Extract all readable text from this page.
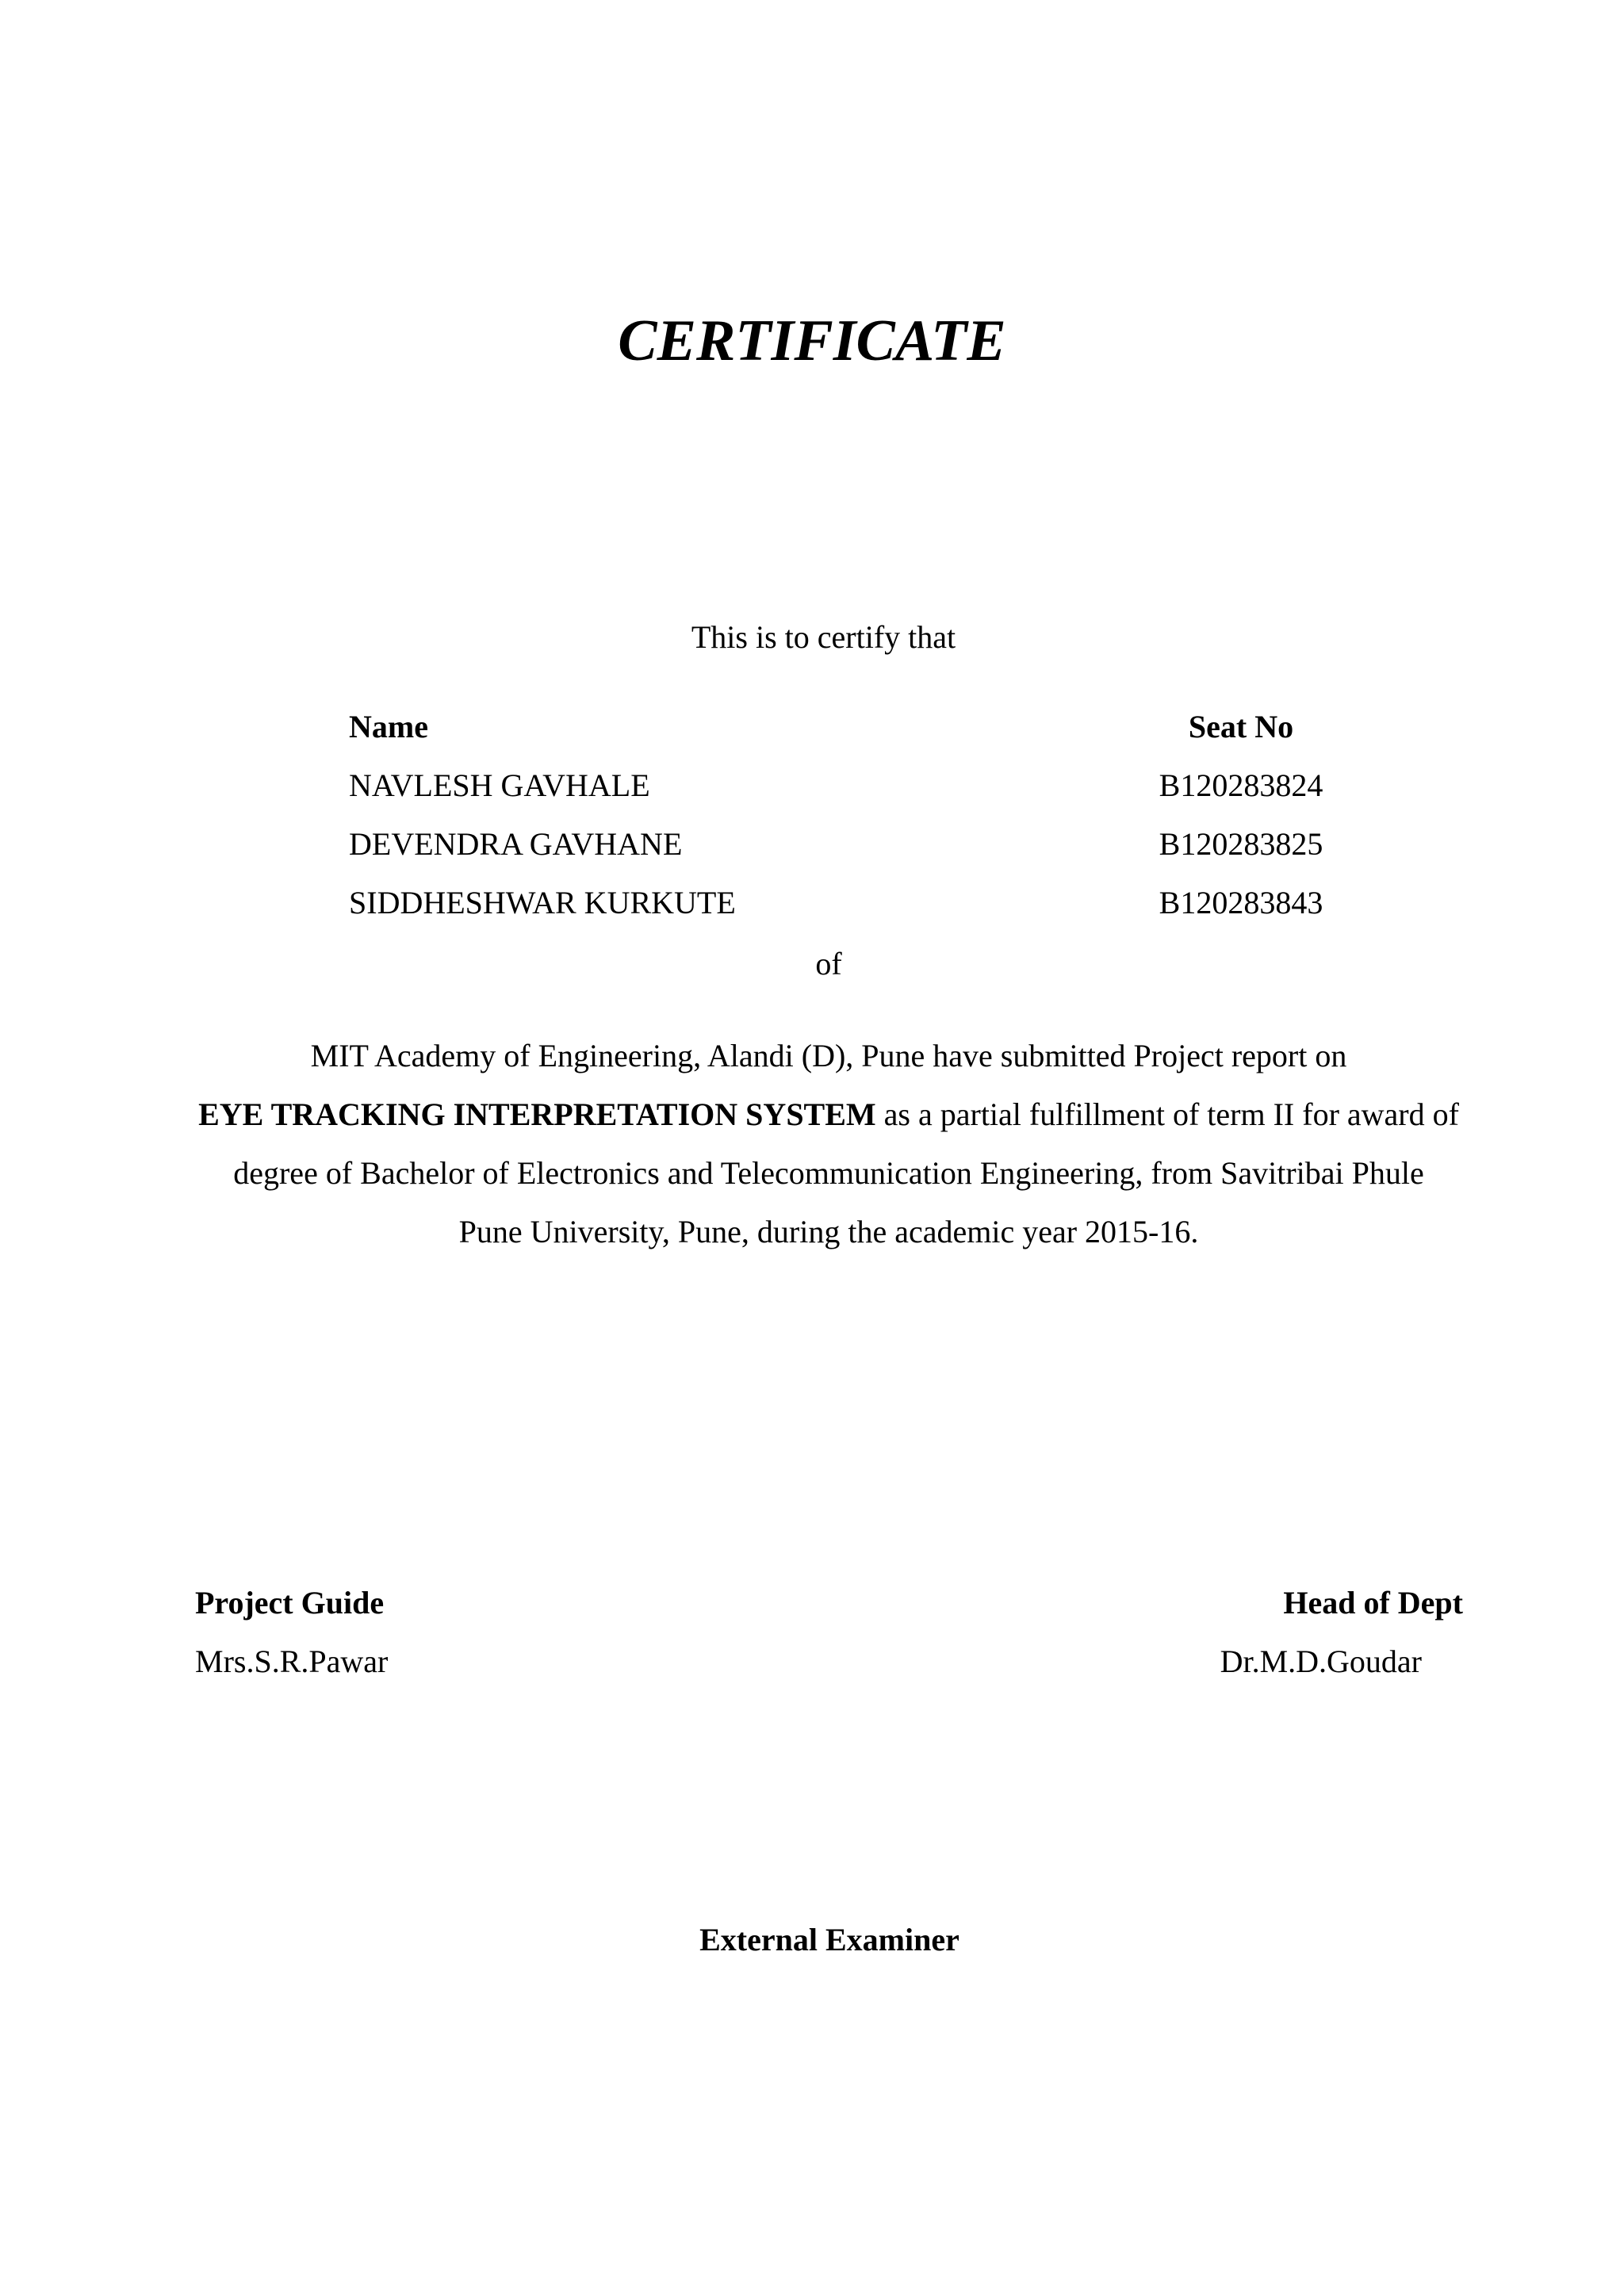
CERTIFICATE
This is to certify that
Name	Seat No
NAVLESH GAVHALE	B120283824
DEVENDRA GAVHANE	B120283825
SIDDHESHWAR KURKUTE	B120283843
of

MIT Academy of Engineering, Alandi (D), Pune have submitted Project report on
EYE TRACKING INTERPRETATION SYSTEM as a partial fulfillment of term II for award of degree of Bachelor of Electronics and Telecommunication Engineering, from Savitribai Phule Pune University, Pune, during the academic year 2015-16.

Project Guide
Mrs.S.R.Pawar
Head of Dept
Dr.M.D.Goudar
External Examiner
